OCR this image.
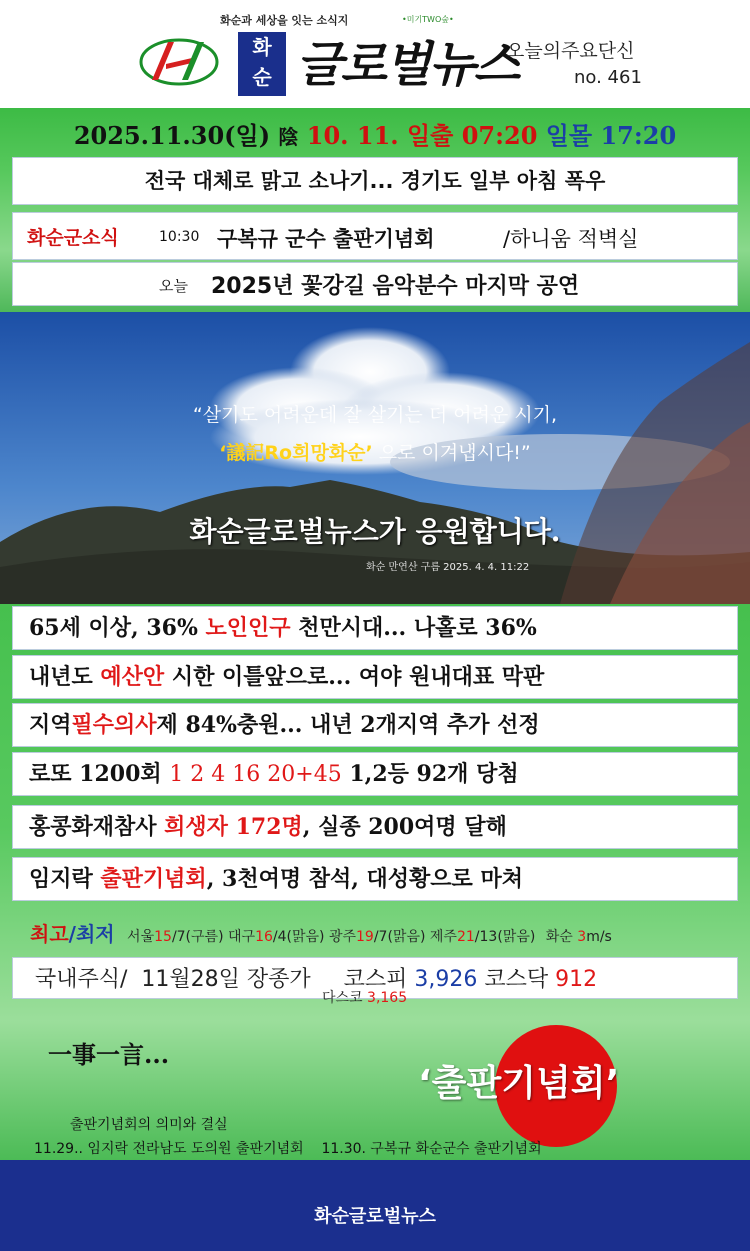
화순과 세상을 잇는 소식지	•미기TWO숲•
화
순 글로벌뉴스
오늘의주요단신
no. 461
2025.11.30(일) 陰 10. 11. 일출 07:20 일몰 17:20
전국 대체로 맑고 소나기... 경기도 일부 아침 폭우
화순군소식	10:30 구복규 군수 출판기념회	/하니움 적벽실
오늘 2025년 꽃강길 음악분수 마지막 공연
“살기도 어려운데 잘 살기는 더 어려운 시기,
‘議記Ro희망화순’ 으로 이겨냅시다!”
화순글로벌뉴스가 응원합니다.
화순 만연산 구름 2025. 4. 4. 11:22
65세 이상, 36% 노인인구 천만시대... 나홀로 36%
내년도 예산안 시한 이틀앞으로... 여야 원내대표 막판
지역필수의사제 84%충원... 내년 2개지역 추가 선정
로또 1200회 1 2 4 16 20+45 1,2등 92개 당첨
홍콩화재참사 희생자 172명, 실종 200여명 달해
임지락 출판기념회, 3천여명 참석, 대성황으로 마쳐
최고/최저 서울15/7(구름) 대구16/4(맑음) 광주19/7(맑음) 제주21/13(맑음) 화순 3m/s
국내주식/  11월28일 장종가 코스피 3,926 코스닥 912
다스코 3,165
一事一言...
‘출판기념회’
출판기념회의 의미와 결실
11.29.. 임지락 전라남도 도의원 출판기념회    11.30. 구복규 화순군수 출판기념회
화순글로벌뉴스
